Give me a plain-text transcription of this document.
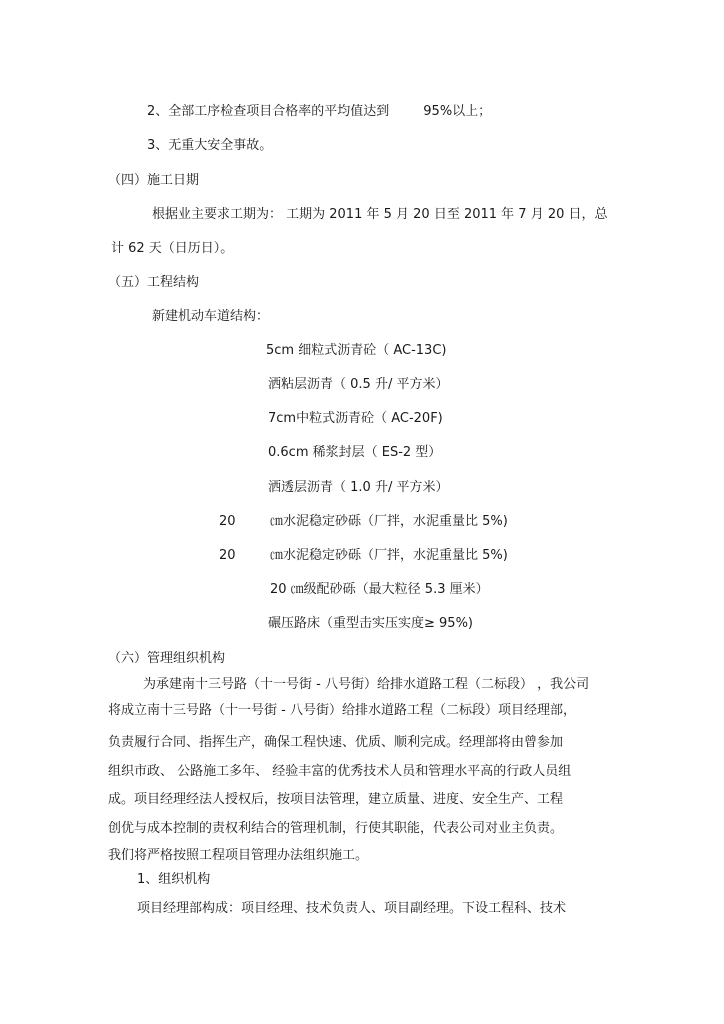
2、全部工序检查项目合格率的平均值达到	95%以上；
3、无重大安全事故。
（四）施工日期
根据业主要求工期为： 工期为 2011 年 5 月 20 日至 2011 年 7 月 20 日，总
计 62 天（日历日）。
（五）工程结构
新建机动车道结构：
5cm 细粒式沥青砼（ AC-13C)
洒粘层沥青（ 0.5 升/ 平方米）
7cm中粒式沥青砼（ AC-20F)
0.6cm 稀浆封层（ ES-2 型）
洒透层沥青（ 1.0 升/ 平方米）
20	㎝水泥稳定砂砾（厂拌，水泥重量比 5%)
20	㎝水泥稳定砂砾（厂拌，水泥重量比 5%)
20 ㎝级配砂砾（最大粒径 5.3 厘米）
碾压路床（重型击实压实度≥ 95%)
（六）管理组织机构
为承建南十三号路（十一号街 - 八号街）给排水道路工程（二标段） ，我公司
将成立南十三号路（十一号街 - 八号街）给排水道路工程（二标段）项目经理部，
负责履行合同、指挥生产，确保工程快速、优质、顺利完成。经理部将由曾参加
组织市政、 公路施工多年、 经验丰富的优秀技术人员和管理水平高的行政人员组
成。项目经理经法人授权后，按项目法管理，建立质量、进度、安全生产、工程
创优与成本控制的责权利结合的管理机制，行使其职能，代表公司对业主负责。
我们将严格按照工程项目管理办法组织施工。
1、组织机构
项目经理部构成：项目经理、技术负责人、项目副经理。下设工程科、技术
